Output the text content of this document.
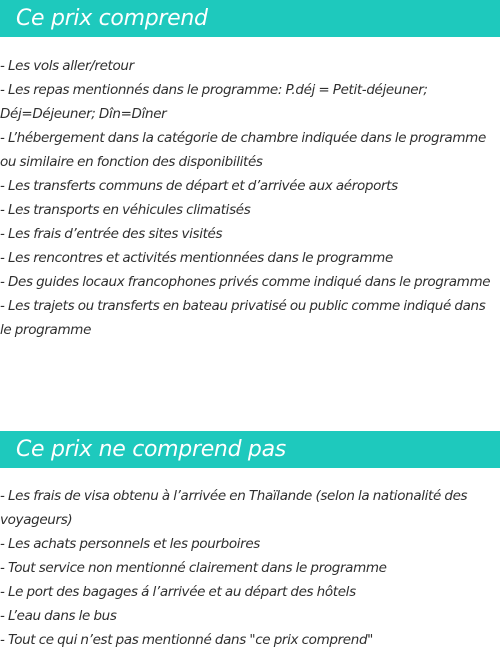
Ce prix comprend
- Les vols aller/retour
- Les repas mentionnés dans le programme: P.déj = Petit-déjeuner; Déj=Déjeuner; Dîn=Dîner
- L’hébergement dans la catégorie de chambre indiquée dans le programme ou similaire en fonction des disponibilités
- Les transferts communs de départ et d’arrivée aux aéroports
- Les transports en véhicules climatisés
- Les frais d’entrée des sites visités
- Les rencontres et activités mentionnées dans le programme
- Des guides locaux francophones privés comme indiqué dans le programme
- Les trajets ou transferts en bateau privatisé ou public comme indiqué dans le programme
Ce prix ne comprend pas
- Les frais de visa obtenu à l’arrivée en Thaïlande (selon la nationalité des voyageurs)
- Les achats personnels et les pourboires
- Tout service non mentionné clairement dans le programme
- Le port des bagages á l’arrivée et au départ des hôtels
- L’eau dans le bus
- Tout ce qui n’est pas mentionné dans "ce prix comprend"
